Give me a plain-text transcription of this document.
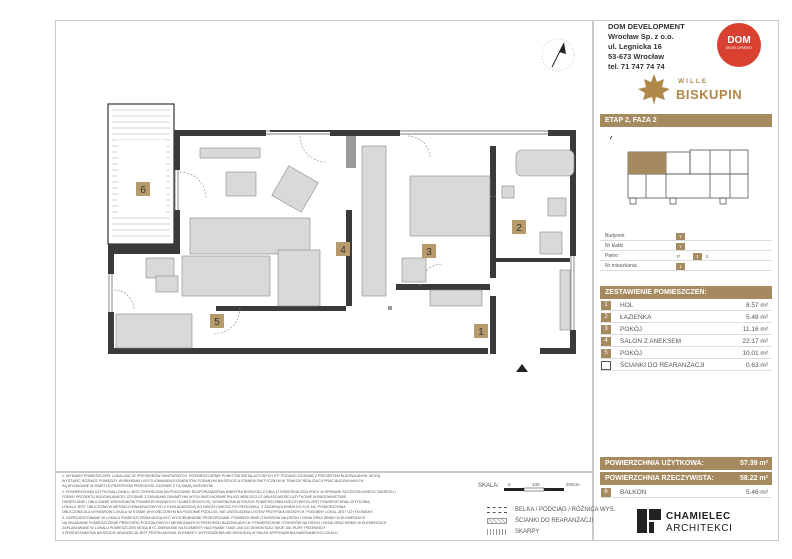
6
4	3
2
5
1
DOM DEVELOPMENT
Wrocław Sp. z o.o.
ul. Legnicka 16
53-673 Wrocław
tel. 71 747 74 74
DOM
DEVELOPMENT
WILLE
BISKUPIN
ETAP 2, FAZA 2
Budynek	Y
Nr klatki	Y
Piętro	P	1	2
Nr mieszkania	1
ZESTAWIENIE POMIESZCZEŃ:
1	HOL	8.57 m²
2	ŁAZIENKA	5.48 m²
3	POKÓJ	11.16 m²
4	SALON Z ANEKSEM	22.17 m²
5	POKÓJ	10.01 m²
ŚCIANKI DO REARANŻACJI	0.63 m²
POWIERZCHNIA UŻYTKOWA:	57.39 m²
POWIERZCHNIA RZECZYWISTA:	58.22 m²
6	BALKON	5.46 m²
1. WYMIARY POMIESZCZEŃ, LOKALIZACJE PRZYBORÓW SANITARNYCH, ROZMIESZCZENIE PUNKTÓW INSTALACYJNYCH ITP. PODANO ZGODNIE Z PROJEKTEM BUDOWLANYM. MOGĄ
WYSTĄPIĆ RÓŻNICE POMIĘDZY WYMIARAMI I USYTUOWANIEM ELEMENTÓW PODANYMI NA RZUCIE A STANEM FAKTYCZNYM W TRAKCIE REALIZACJI PRAC BUDOWLANYCH.
SĄ WYMAGANE W ŚWIETLE PRZEPISÓW PRZEGRÓD ZGODNIE Z TĄ SAMĄ SUROWYMI
2. POWIERZCHNIA UŻYTKOWA LOKALU JEST OKREŚLONA NA PODSTAWIE ROZPORZĄDZENIA MINISTRA ROZWOJU Z DNIA 11 WRZEŚNIA 2020 ROKU W SPRAWIE SZCZEGÓŁOWEGO ZAKRESU I
FORMY PROJEKTU BUDOWLANEGO, ZGODNIE Z ZASADAMI ZAWARTYMI W POLSKIEJ NORMIE PN-ISO 9836:2022-07 (WŁAŚCIWOŚCI UŻYTKOWE W BUDOWNICTWIE.
OKREŚLANIE I OBLICZANIE WSKAŹNIKÓW POWIERZCHNIOWYCH I KUBATUROWYCH). WYMIENIONA W RZUCIE POWIERZCHNIA RZECZYWISTA JEST POWIERZCHNIĄ UŻYTKOWĄ
LOKALU JEST OBLICZONA W METRACH KWADRATOWYCH Z DOKŁADNOŚCIĄ DO DWÓCH MIEJSC PO PRZECINKU, Z ZAOKRĄGLENIEM DO 0,01 M2, POWIERZCHNIA
OBLICZONA DLA WYMIARÓW LOKALU W STANIE WYKOŃCZONYM NA POZIOMIE PODŁOGI, NIE UWZGLĘDNIA LISTEW PRZYPODŁOGOWYCH. PODOBNY LOKAL JEST UŻYTKOWANY
3. ZAPROJEKTOWANE W LOKALU POMIESZCZENIA MOGĄ BYĆ WYODRĘBNIONE PRZEGRODAMI. POWIERZCHNIE OTWORÓW NA DRZWI I OKNA ORAZ WNĘKI W ELEMENTACH
NA SKŁADANIE POMIESZCZENIE PRZEGRÓD PODZIAŁOWYCH NIEWIDZIANYCH PRZEGRÓD BUDOWLANYCH. POWIERZCHNIE OTWORÓW NA DRZWI I OKNA ORAZ WNĘKI W ELEMENTACH
ZAPLANOWANE W LOKALU POMIESZCZEŃ MOGĄ BYĆ ZMIENIONE NA ELEMENTY NAZYWANE TAKIE JAK DO DEMONTAŻU TAKIE JAK RURY, PRZEWODY.
3 PRZEDSTAWIONA NA RZUCIE ARANŻACJA JEST PRZYKŁADOWA. ELEMENTY WYPOSAŻENIA NIE WCHODZĄ W SKŁAD WYPOSAŻENIA NABYWANEGO LOKALU.
SKALA: 0	100	200cm
BELKA / PODCIĄG / RÓŻNICA WYS.
ŚCIANKI DO REARANŻACJI
SKARPY
CHAMIELEC
ARCHITEKCI
